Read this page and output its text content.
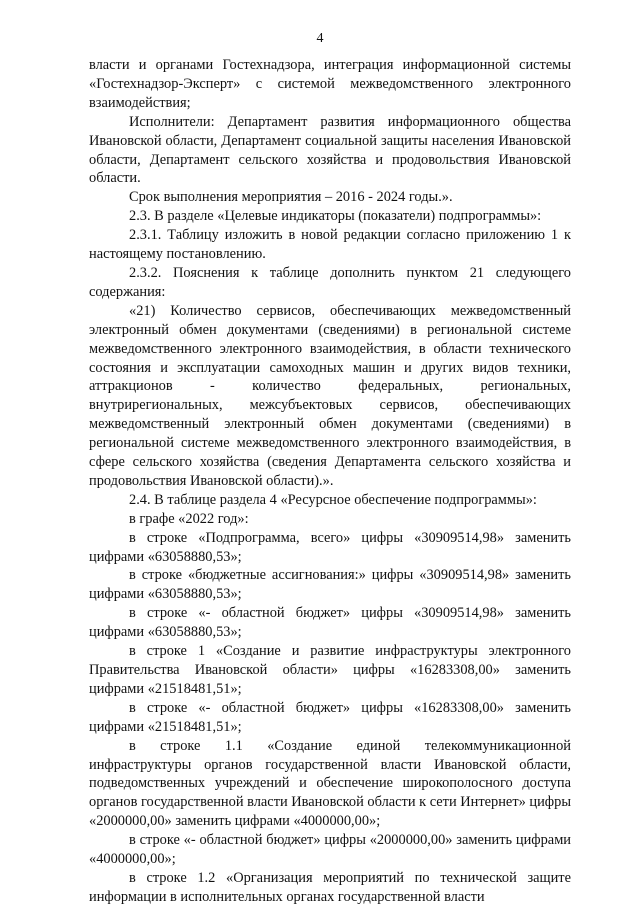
4

власти и органами Гостехнадзора, интеграция информационной системы «Гостехнадзор-Эксперт» с системой межведомственного электронного взаимодействия;

Исполнители: Департамент развития информационного общества Ивановской области, Департамент социальной защиты населения Ивановской области, Департамент сельского хозяйства и продовольствия Ивановской области.

Срок выполнения мероприятия – 2016 - 2024 годы.».

2.3. В разделе «Целевые индикаторы (показатели) подпрограммы»:

2.3.1. Таблицу изложить в новой редакции согласно приложению 1 к настоящему постановлению.

2.3.2. Пояснения к таблице дополнить пунктом 21 следующего содержания:

«21) Количество сервисов, обеспечивающих межведомственный электронный обмен документами (сведениями) в региональной системе межведомственного электронного взаимодействия, в области технического состояния и эксплуатации самоходных машин и других видов техники, аттракционов - количество федеральных, региональных, внутрирегиональных, межсубъектовых сервисов, обеспечивающих межведомственный электронный обмен документами (сведениями) в региональной системе межведомственного электронного взаимодействия, в сфере сельского хозяйства (сведения Департамента сельского хозяйства и продовольствия Ивановской области).».

2.4. В таблице раздела 4 «Ресурсное обеспечение подпрограммы»:

в графе «2022 год»:

в строке «Подпрограмма, всего» цифры «30909514,98» заменить цифрами «63058880,53»;

в строке «бюджетные ассигнования:» цифры «30909514,98» заменить цифрами «63058880,53»;

в строке «- областной бюджет» цифры «30909514,98» заменить цифрами «63058880,53»;

в строке 1 «Создание и развитие инфраструктуры электронного Правительства Ивановской области» цифры «16283308,00» заменить цифрами «21518481,51»;

в строке «- областной бюджет» цифры «16283308,00» заменить цифрами «21518481,51»;

в строке 1.1 «Создание единой телекоммуникационной инфраструктуры органов государственной власти Ивановской области, подведомственных учреждений и обеспечение широкополосного доступа органов государственной власти Ивановской области к сети Интернет» цифры «2000000,00» заменить цифрами «4000000,00»;

в строке «- областной бюджет» цифры «2000000,00» заменить цифрами «4000000,00»;

в строке 1.2 «Организация мероприятий по технической защите информации в исполнительных органах государственной власти
